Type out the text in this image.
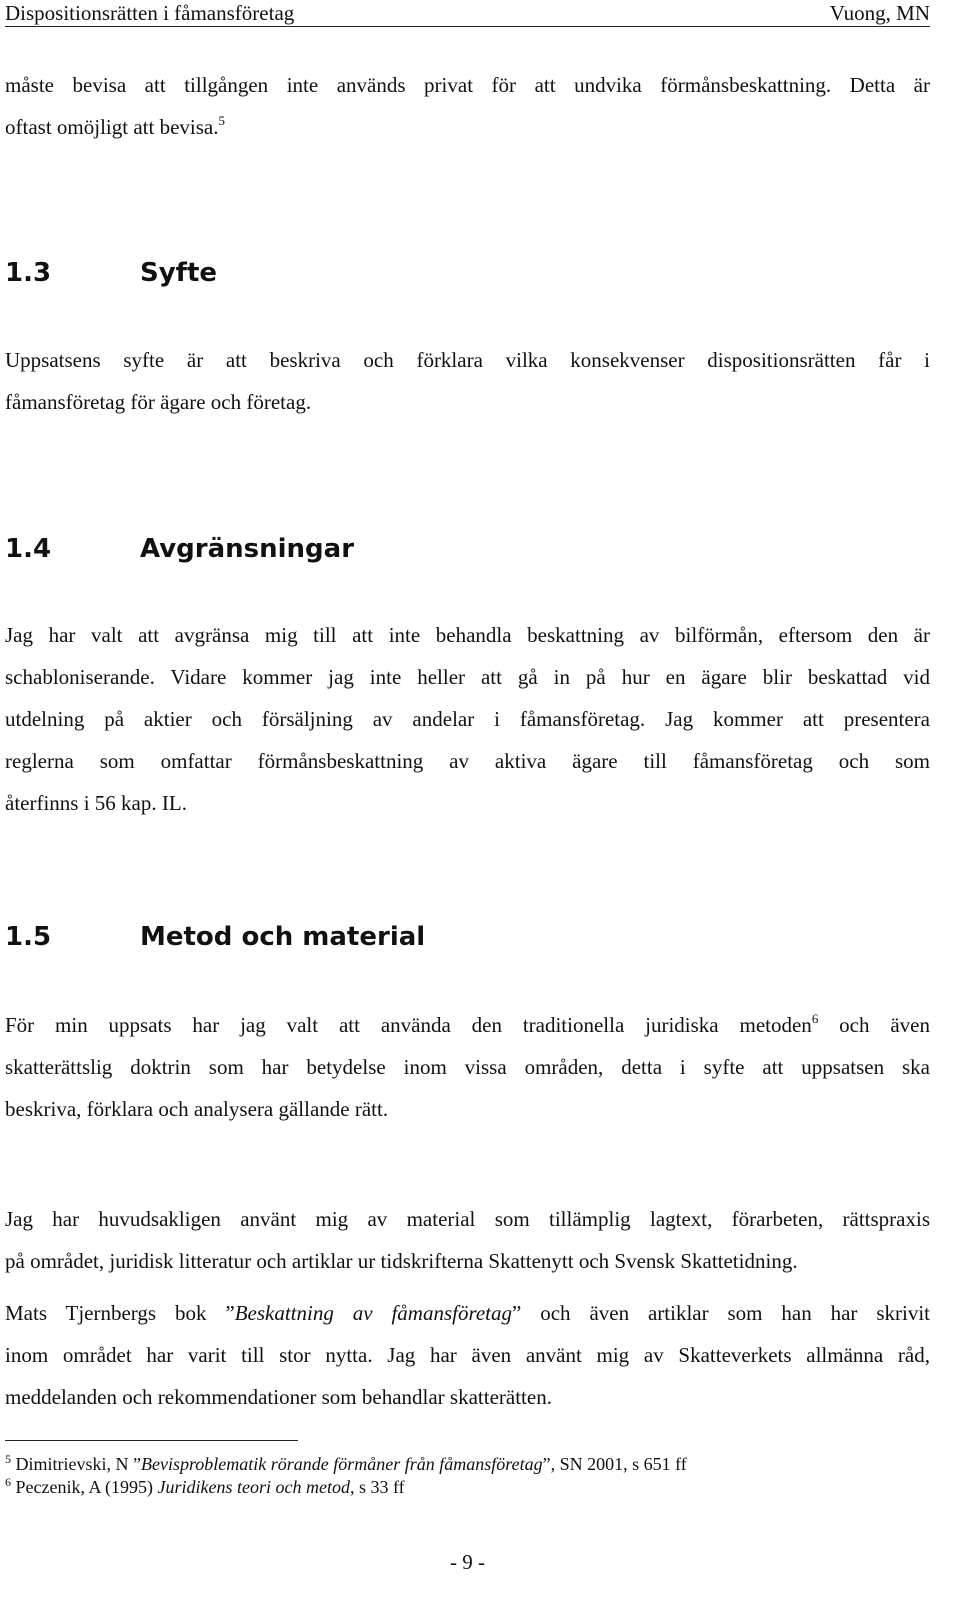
Dispositionsrätten i fåmansföretag	Vuong, MN
måste bevisa att tillgången inte används privat för att undvika förmånsbeskattning. Detta är
oftast omöjligt att bevisa.$^5$
1.3	Syfte
Uppsatsens syfte är att beskriva och förklara vilka konsekvenser dispositionsrätten får i
fåmansföretag för ägare och företag.
1.4	Avgränsningar
Jag har valt att avgränsa mig till att inte behandla beskattning av bilförmån, eftersom den är
schabloniserande. Vidare kommer jag inte heller att gå in på hur en ägare blir beskattad vid
utdelning på aktier och försäljning av andelar i fåmansföretag. Jag kommer att presentera
reglerna som omfattar förmånsbeskattning av aktiva ägare till fåmansföretag och som
återfinns i 56 kap. IL.
1.5	Metod och material
För min uppsats har jag valt att använda den traditionella juridiska metoden$^6$ och även
skatterättslig doktrin som har betydelse inom vissa områden, detta i syfte att uppsatsen ska
beskriva, förklara och analysera gällande rätt.
Jag har huvudsakligen använt mig av material som tillämplig lagtext, förarbeten, rättspraxis
på området, juridisk litteratur och artiklar ur tidskrifterna Skattenytt och Svensk Skattetidning.
Mats Tjernbergs bok ”Beskattning av fåmansföretag” och även artiklar som han har skrivit
inom området har varit till stor nytta. Jag har även använt mig av Skatteverkets allmänna råd,
meddelanden och rekommendationer som behandlar skatterätten.
$^5$ Dimitrievski, N ”Bevisproblematik rörande förmåner från fåmansföretag”, SN 2001, s 651 ff
$^6$ Peczenik, A (1995) Juridikens teori och metod, s 33 ff
- 9 -
